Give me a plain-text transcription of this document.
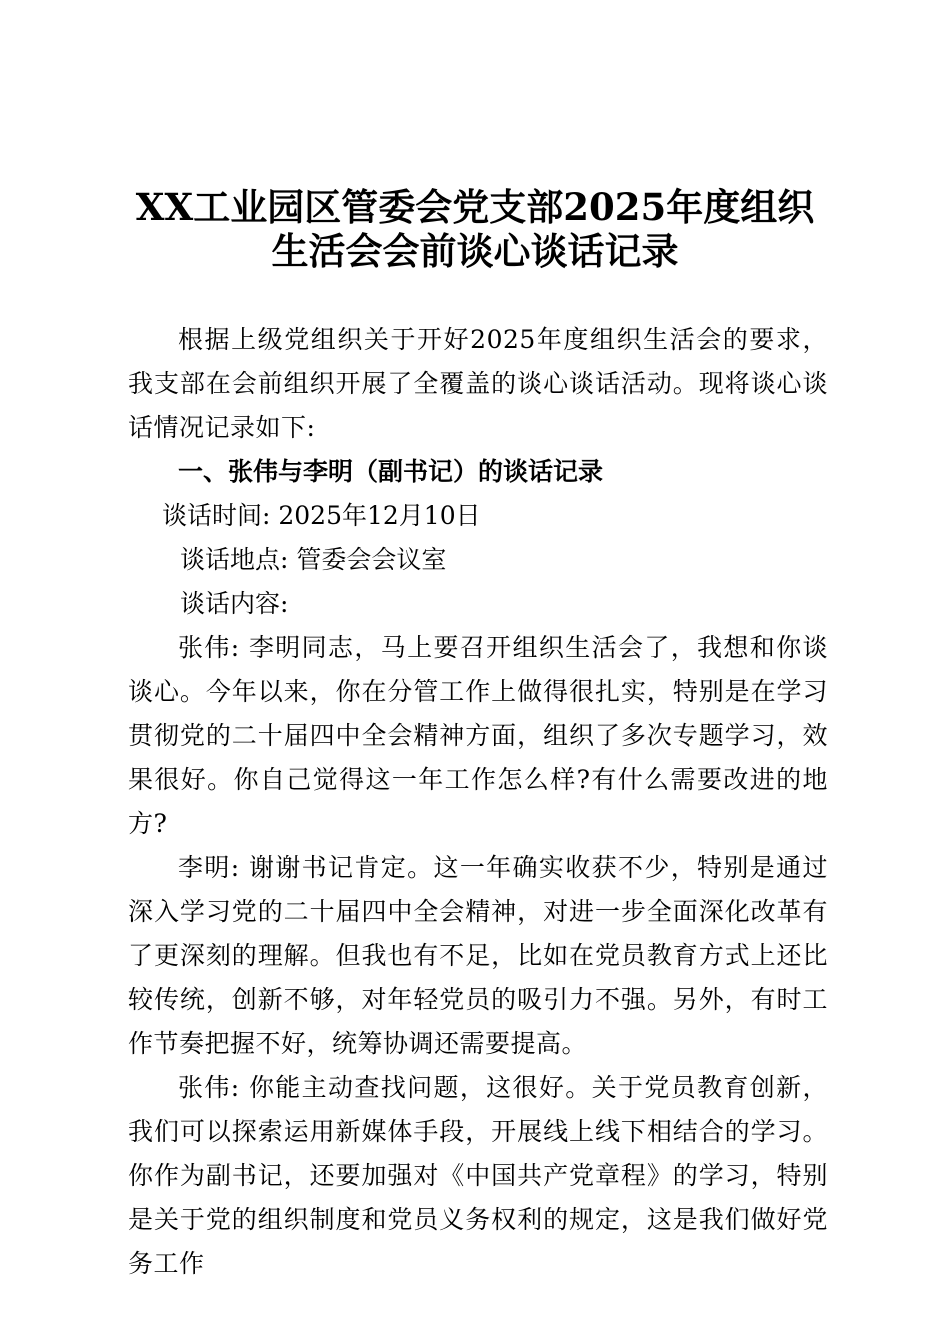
XX工业园区管委会党支部2025年度组织
生活会会前谈心谈话记录

根据上级党组织关于开好2025年度组织生活会的要求，我支部在会前组织开展了全覆盖的谈心谈话活动。现将谈心谈话情况记录如下:

一、张伟与李明（副书记）的谈话记录

谈话时间: 2025年12月10日

谈话地点: 管委会会议室

谈话内容:

张伟: 李明同志，马上要召开组织生活会了，我想和你谈谈心。今年以来，你在分管工作上做得很扎实，特别是在学习贯彻党的二十届四中全会精神方面，组织了多次专题学习，效果很好。你自己觉得这一年工作怎么样?有什么需要改进的地方?

李明: 谢谢书记肯定。这一年确实收获不少，特别是通过深入学习党的二十届四中全会精神，对进一步全面深化改革有了更深刻的理解。但我也有不足，比如在党员教育方式上还比较传统，创新不够，对年轻党员的吸引力不强。另外，有时工作节奏把握不好，统筹协调还需要提高。

张伟: 你能主动查找问题，这很好。关于党员教育创新，我们可以探索运用新媒体手段，开展线上线下相结合的学习。你作为副书记，还要加强对《中国共产党章程》的学习，特别是关于党的组织制度和党员义务权利的规定，这是我们做好党务工作
